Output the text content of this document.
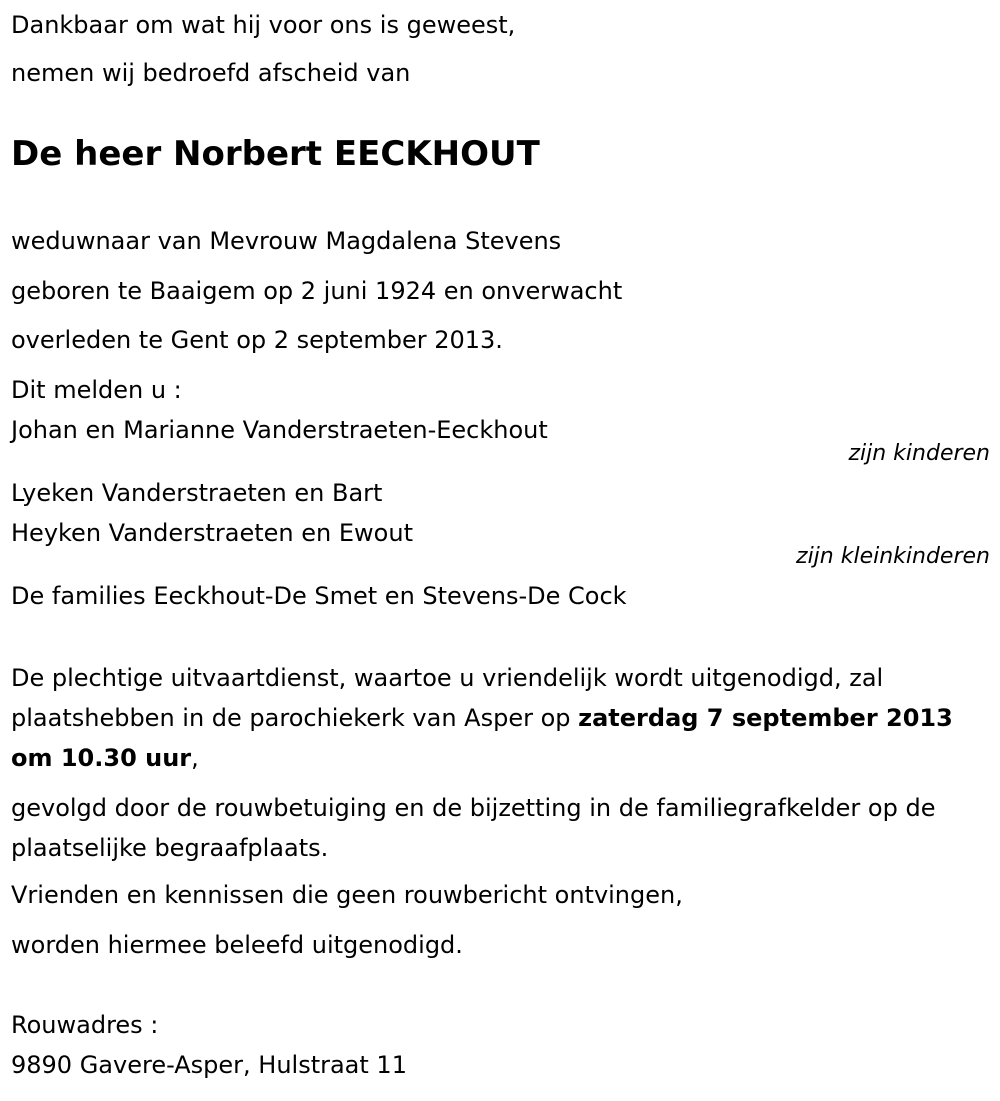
Dankbaar om wat hij voor ons is geweest,
nemen wij bedroefd afscheid van
De heer Norbert EECKHOUT
weduwnaar van Mevrouw Magdalena Stevens
geboren te Baaigem op 2 juni 1924 en onverwacht
overleden te Gent op 2 september 2013.
Dit melden u :
Johan en Marianne Vanderstraeten-Eeckhout
zijn kinderen
Lyeken Vanderstraeten en Bart
Heyken Vanderstraeten en Ewout
zijn kleinkinderen
De families Eeckhout-De Smet en Stevens-De Cock
De plechtige uitvaartdienst, waartoe u vriendelijk wordt uitgenodigd, zal plaatshebben in de parochiekerk van Asper op zaterdag 7 september 2013 om 10.30 uur,
gevolgd door de rouwbetuiging en de bijzetting in de familiegrafkelder op de plaatselijke begraafplaats.
Vrienden en kennissen die geen rouwbericht ontvingen,
worden hiermee beleefd uitgenodigd.
Rouwadres :
9890 Gavere-Asper, Hulstraat 11
